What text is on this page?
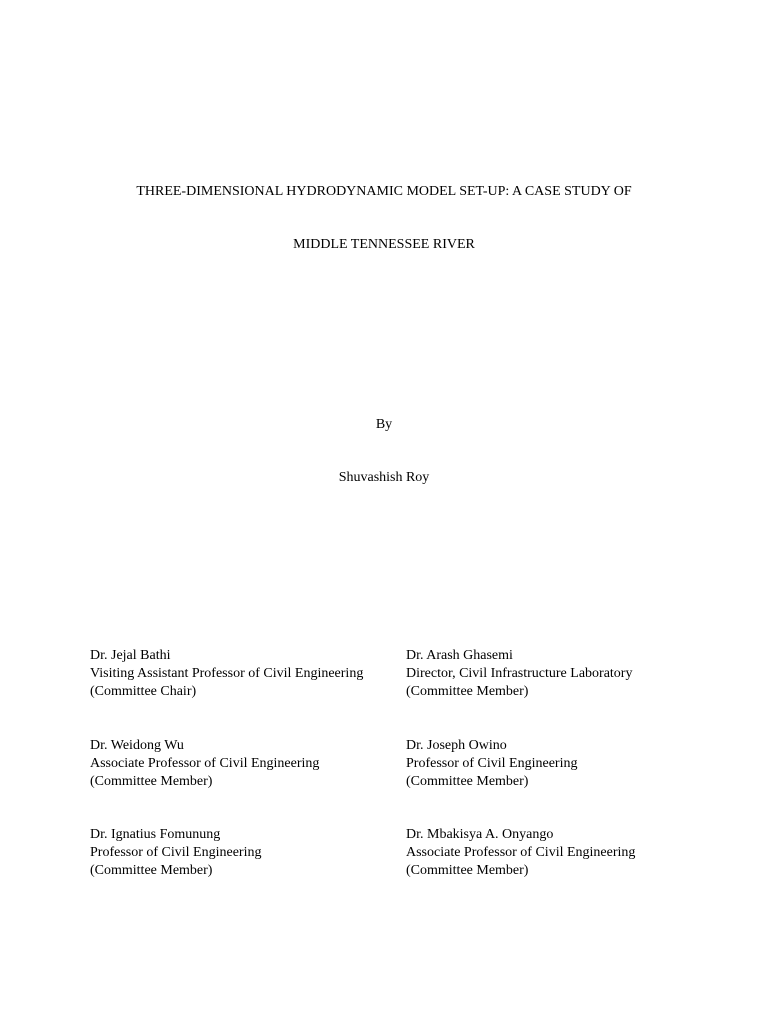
THREE-DIMENSIONAL HYDRODYNAMIC MODEL SET-UP: A CASE STUDY OF
MIDDLE TENNESSEE RIVER
By
Shuvashish Roy
Dr. Jejal Bathi
Visiting Assistant Professor of Civil Engineering
(Committee Chair)
Dr. Arash Ghasemi
Director, Civil Infrastructure Laboratory
(Committee Member)
Dr. Weidong Wu
Associate Professor of Civil Engineering
(Committee Member)
Dr. Joseph Owino
Professor of Civil Engineering
(Committee Member)
Dr. Ignatius Fomunung
Professor of Civil Engineering
(Committee Member)
Dr. Mbakisya A. Onyango
Associate Professor of Civil Engineering
(Committee Member)
